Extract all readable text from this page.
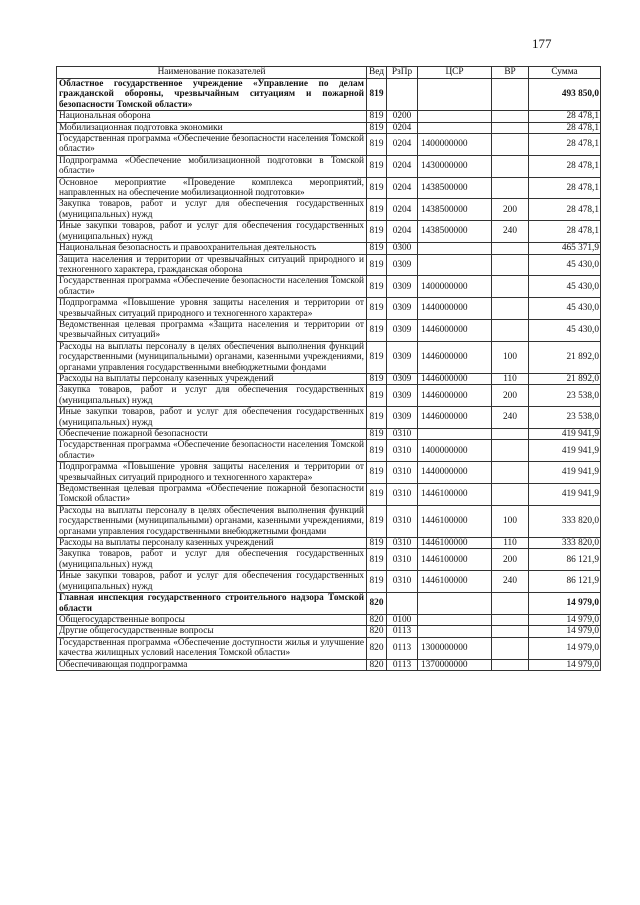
177
Наименование показателей	Вед	РзПр	ЦСР	ВР	Сумма
Областное государственное учреждение «Управление по делам гражданской обороны, чрезвычайным ситуациям и пожарной безопасности Томской области»	819				493 850,0
Национальная оборона	819	0200			28 478,1
Мобилизационная подготовка экономики	819	0204			28 478,1
Государственная программа «Обеспечение безопасности населения Томской области»	819	0204	1400000000		28 478,1
Подпрограмма «Обеспечение мобилизационной подготовки в Томской области»	819	0204	1430000000		28 478,1
Основное мероприятие «Проведение комплекса мероприятий, направленных на обеспечение мобилизационной подготовки»	819	0204	1438500000		28 478,1
Закупка товаров, работ и услуг для обеспечения государственных (муниципальных) нужд	819	0204	1438500000	200	28 478,1
Иные закупки товаров, работ и услуг для обеспечения государственных (муниципальных) нужд	819	0204	1438500000	240	28 478,1
Национальная безопасность и правоохранительная деятельность	819	0300			465 371,9
Защита населения и территории от чрезвычайных ситуаций природного и техногенного характера, гражданская оборона	819	0309			45 430,0
Государственная программа «Обеспечение безопасности населения Томской области»	819	0309	1400000000		45 430,0
Подпрограмма «Повышение уровня защиты населения и территории от чрезвычайных ситуаций природного и техногенного характера»	819	0309	1440000000		45 430,0
Ведомственная целевая программа «Защита населения и территории от чрезвычайных ситуаций»	819	0309	1446000000		45 430,0
Расходы на выплаты персоналу в целях обеспечения выполнения функций государственными (муниципальными) органами, казенными учреждениями, органами управления государственными внебюджетными фондами	819	0309	1446000000	100	21 892,0
Расходы на выплаты персоналу казенных учреждений	819	0309	1446000000	110	21 892,0
Закупка товаров, работ и услуг для обеспечения государственных (муниципальных) нужд	819	0309	1446000000	200	23 538,0
Иные закупки товаров, работ и услуг для обеспечения государственных (муниципальных) нужд	819	0309	1446000000	240	23 538,0
Обеспечение пожарной безопасности	819	0310			419 941,9
Государственная программа «Обеспечение безопасности населения Томской области»	819	0310	1400000000		419 941,9
Подпрограмма «Повышение уровня защиты населения и территории от чрезвычайных ситуаций природного и техногенного характера»	819	0310	1440000000		419 941,9
Ведомственная целевая программа «Обеспечение пожарной безопасности Томской области»	819	0310	1446100000		419 941,9
Расходы на выплаты персоналу в целях обеспечения выполнения функций государственными (муниципальными) органами, казенными учреждениями, органами управления государственными внебюджетными фондами	819	0310	1446100000	100	333 820,0
Расходы на выплаты персоналу казенных учреждений	819	0310	1446100000	110	333 820,0
Закупка товаров, работ и услуг для обеспечения государственных (муниципальных) нужд	819	0310	1446100000	200	86 121,9
Иные закупки товаров, работ и услуг для обеспечения государственных (муниципальных) нужд	819	0310	1446100000	240	86 121,9
Главная инспекция государственного строительного надзора Томской области	820				14 979,0
Общегосударственные вопросы	820	0100			14 979,0
Другие общегосударственные вопросы	820	0113			14 979,0
Государственная программа «Обеспечение доступности жилья и улучшение качества жилищных условий населения Томской области»	820	0113	1300000000		14 979,0
Обеспечивающая подпрограмма	820	0113	1370000000		14 979,0
